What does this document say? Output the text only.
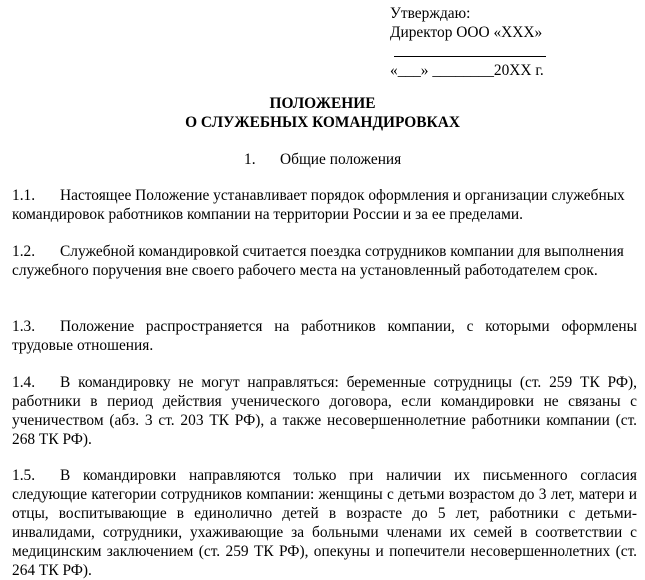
Утверждаю:
Директор ООО «XXX»
«___» ________20XX г.
ПОЛОЖЕНИЕ
О СЛУЖЕБНЫХ КОМАНДИРОВКАХ
1. Общие положения
1.1. Настоящее Положение устанавливает порядок оформления и организации служебных командировок работников компании на территории России и за ее пределами.
1.2. Служебной командировкой считается поездка сотрудников компании для выполнения служебного поручения вне своего рабочего места на установленный работодателем срок.
1.3. Положение распространяется на работников компании, с которыми оформлены трудовые отношения.
1.4. В командировку не могут направляться: беременные сотрудницы (ст. 259 ТК РФ), работники в период действия ученического договора, если командировки не связаны с ученичеством (абз. 3 ст. 203 ТК РФ), а также несовершеннолетние работники компании (ст. 268 ТК РФ).
1.5. В командировки направляются только при наличии их письменного согласия следующие категории сотрудников компании: женщины с детьми возрастом до 3 лет, матери и отцы, воспитывающие в единолично детей в возрасте до 5 лет, работники с детьми-инвалидами, сотрудники, ухаживающие за больными членами их семей в соответствии с медицинским заключением (ст. 259 ТК РФ), опекуны и попечители несовершеннолетних (ст. 264 ТК РФ).
